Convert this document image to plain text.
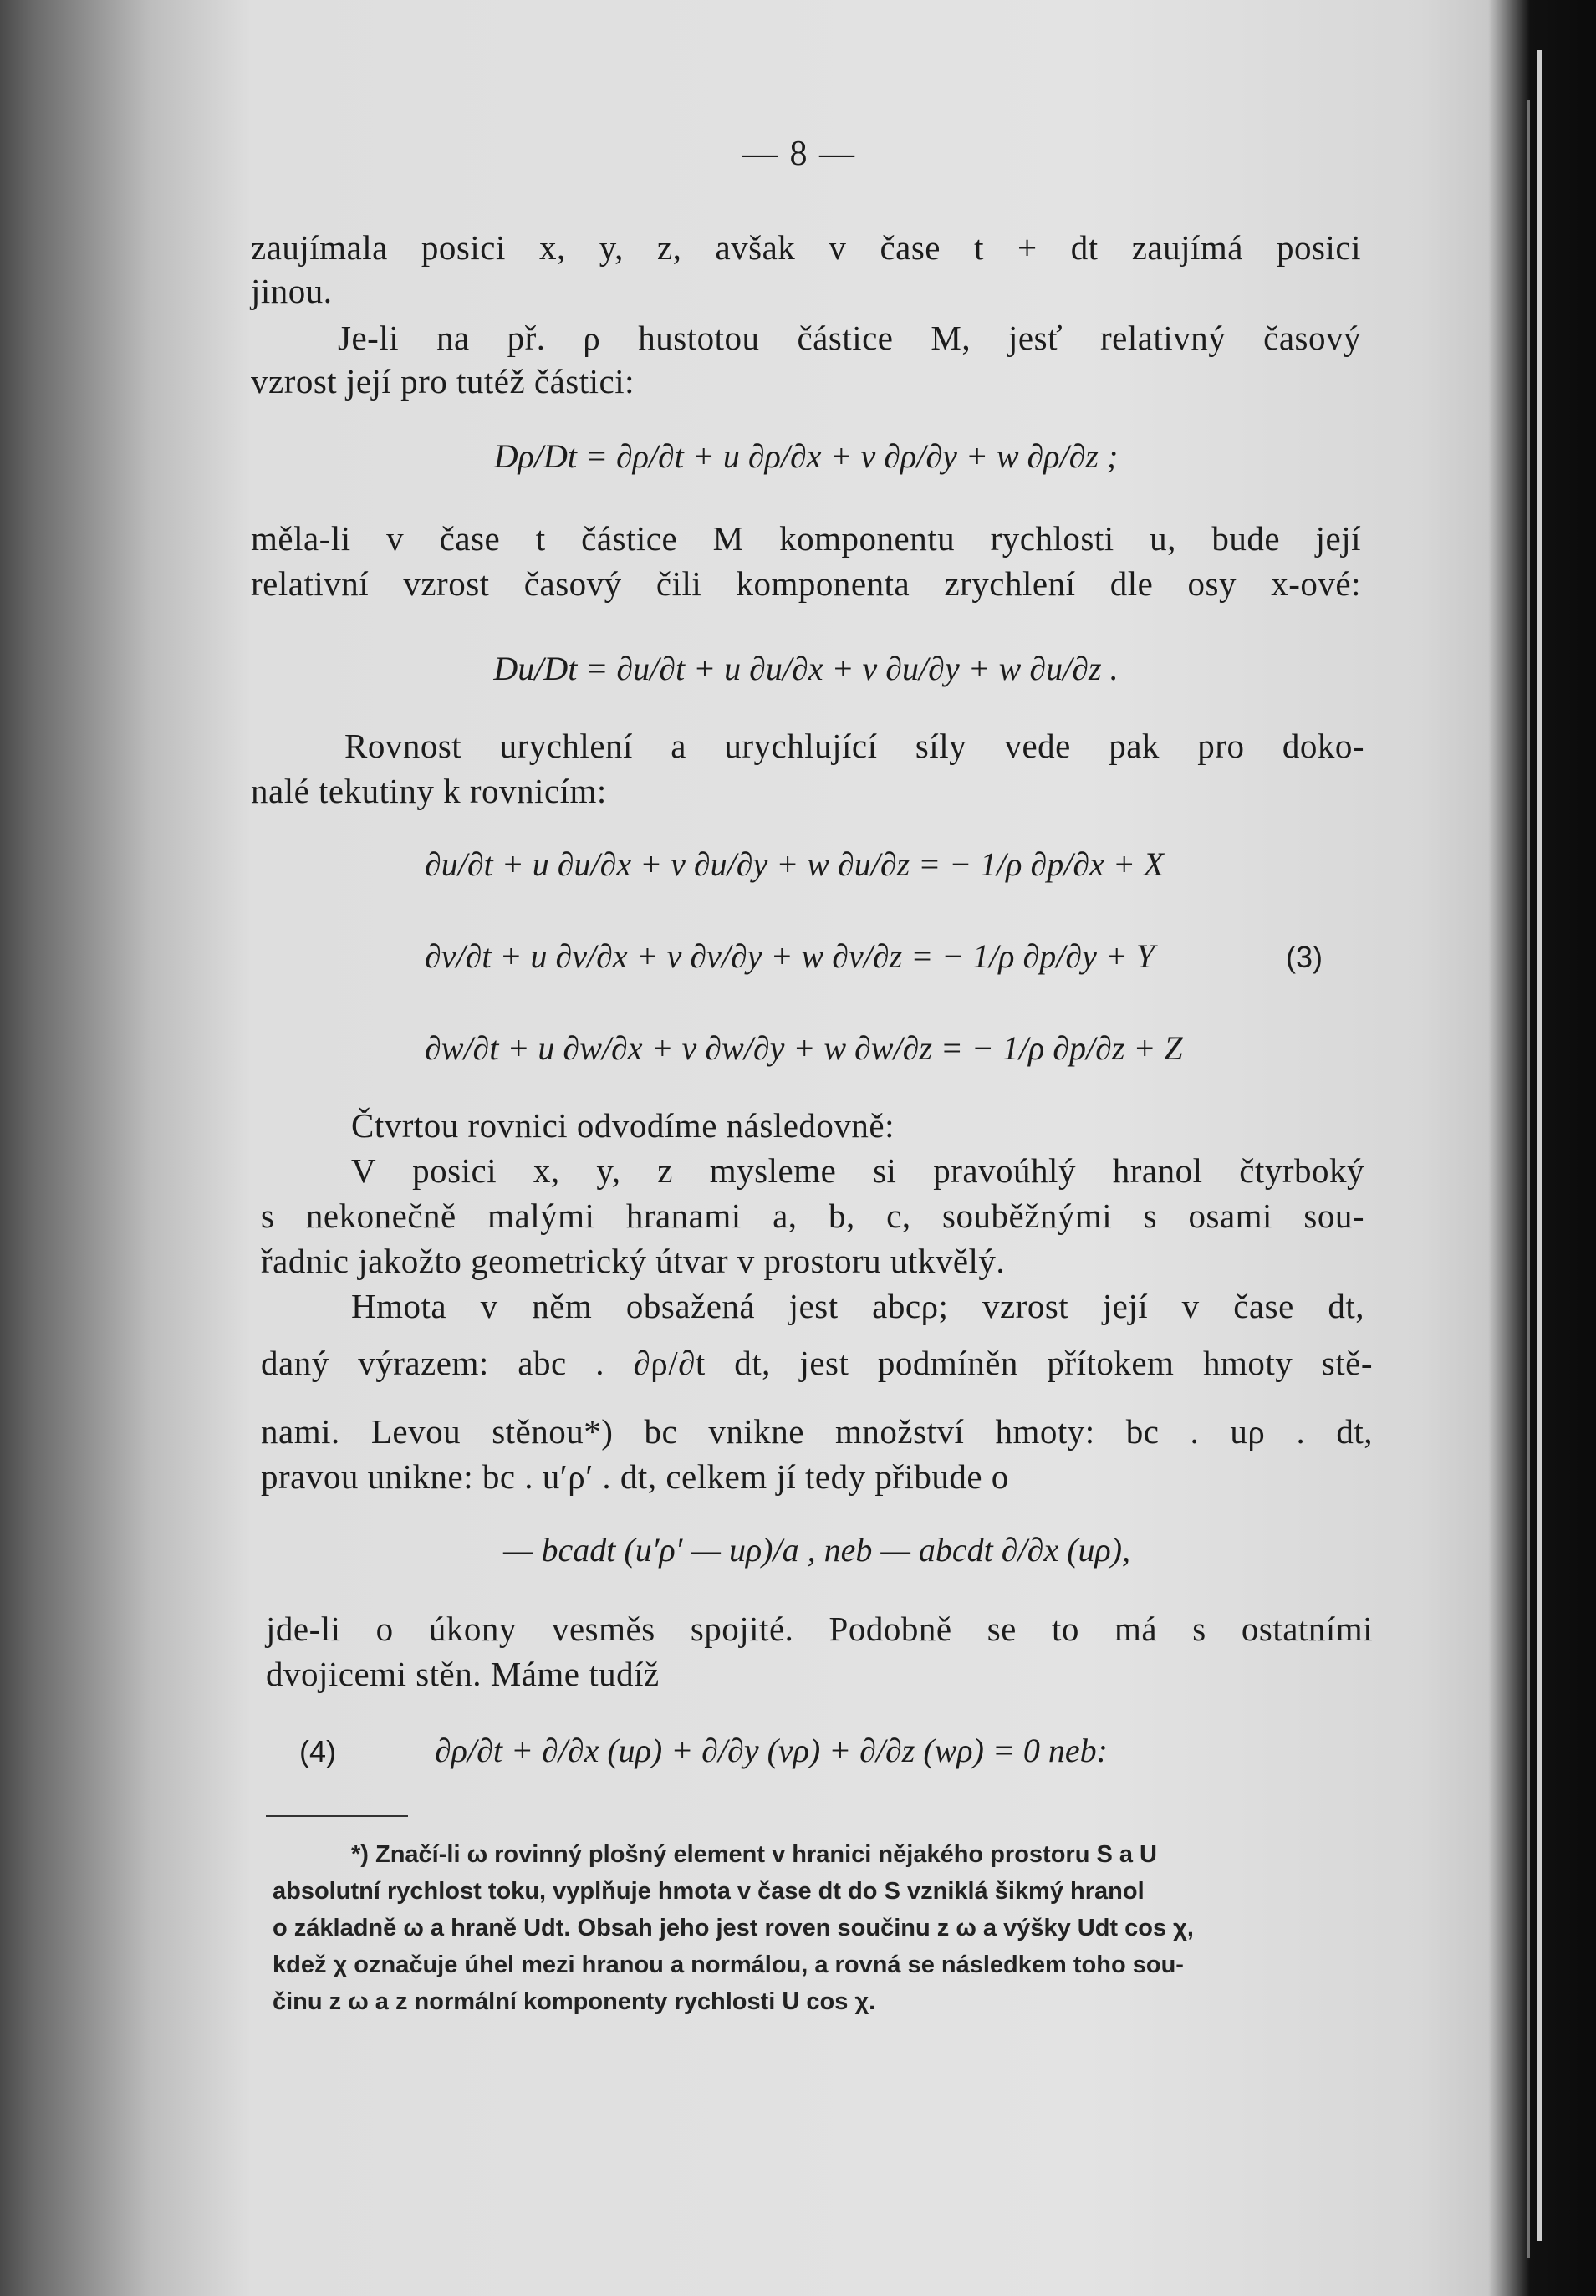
— 8 —
zaujímala posici x, y, z, avšak v čase t + dt zaujímá posici
jinou.
Je-li na př. ρ hustotou částice M, jesť relativný časový
vzrost její pro tutéž částici:
Dρ/Dt = ∂ρ/∂t + u ∂ρ/∂x + v ∂ρ/∂y + w ∂ρ/∂z ;
měla-li v čase t částice M komponentu rychlosti u, bude její
relativní vzrost časový čili komponenta zrychlení dle osy x-ové:
Du/Dt = ∂u/∂t + u ∂u/∂x + v ∂u/∂y + w ∂u/∂z .
Rovnost urychlení a urychlující síly vede pak pro doko-
nalé tekutiny k rovnicím:
∂u/∂t + u ∂u/∂x + v ∂u/∂y + w ∂u/∂z = − 1/ρ ∂p/∂x + X
∂v/∂t + u ∂v/∂x + v ∂v/∂y + w ∂v/∂z = − 1/ρ ∂p/∂y + Y
∂w/∂t + u ∂w/∂x + v ∂w/∂y + w ∂w/∂z = − 1/ρ ∂p/∂z + Z
(3)
Čtvrtou rovnici odvodíme následovně:
V posici x, y, z mysleme si pravoúhlý hranol čtyrboký
s nekonečně malými hranami a, b, c, souběžnými s osami sou-
řadnic jakožto geometrický útvar v prostoru utkvělý.
Hmota v něm obsažená jest abcρ; vzrost její v čase dt,
daný výrazem: abc . ∂ρ/∂t dt, jest podmíněn přítokem hmoty stě-
nami. Levou stěnou*) bc vnikne množství hmoty: bc . uρ . dt,
pravou unikne: bc . u′ρ′ . dt, celkem jí tedy přibude o
— bcadt (u′ρ′ — uρ)/a , neb — abcdt ∂/∂x (uρ),
jde-li o úkony vesměs spojité. Podobně se to má s ostatními
dvojicemi stěn. Máme tudíž
(4)	∂ρ/∂t + ∂/∂x (uρ) + ∂/∂y (vρ) + ∂/∂z (wρ) = 0 neb:
*) Značí-li ω rovinný plošný element v hranici nějakého prostoru S a U
absolutní rychlost toku, vyplňuje hmota v čase dt do S vzniklá šikmý hranol
o základně ω a hraně Udt. Obsah jeho jest roven součinu z ω a výšky Udt cos χ,
kdež χ označuje úhel mezi hranou a normálou, a rovná se následkem toho sou-
činu z ω a z normální komponenty rychlosti U cos χ.
